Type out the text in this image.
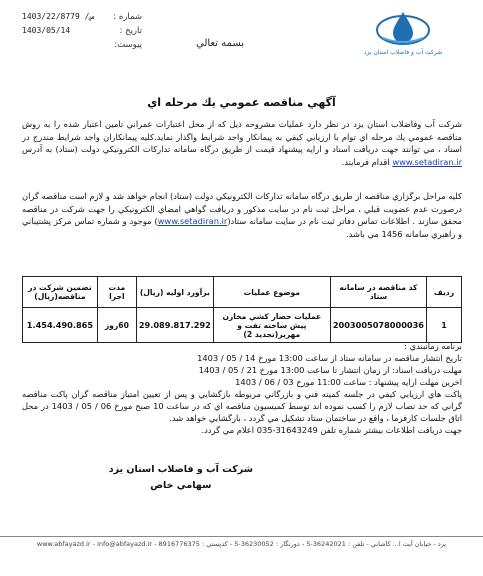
شماره :
1403/22/8779 /س
تاريخ :
1403/05/14
پيوست:	بسمه تعالي
شرکت آب و فاضلاب استان يزد
آگهي مناقصه عمومي يك مرحله اي
شركت آب وفاضلاب استان يزد در نظر دارد عمليات مشروحه ذيل كه از محل اعتبارات عمراني تامين اعتبار شده را به روش مناقصه عمومي يك مرحله اي توام با ارزيابي كيفي به پيمانكار واجد شرايط واگذار نمايد.كليه پيمانكاران واجد شرايط مندرج در اسناد ، مي توانند جهت دريافت اسناد و ارايه پيشنهاد قيمت از طريق درگاه سامانه تداركات الكترونيكي دولت (ستاد) به آدرس www.setadiran.ir اقدام فرمايند.
كليه مراحل برگزاري مناقصه از طريق درگاه سامانه تداركات الكترونيكي دولت (ستاد) انجام خواهد شد و لازم است مناقصه گران درصورت عدم عضويت قبلي ، مراحل ثبت نام در سايت مذكور و دريافت گواهي امضاي الكترونيكي را جهت شركت در مناقصه محقق سازند . اطلاعات تماس دفاتر ثبت نام در سايت سامانه ستاد(www.setadiran.ir) موجود و شماره تماس مركز پشتيباني و راهبري سامانه 1456 مي باشد.
رديف	كد مناقصه در سامانه ستاد	موضوع عمليات	برآورد اوليه (ريال)	مدت اجرا	تضمين شركت در مناقصه(ريال)
1	2003005078000036	عمليات حصار كشي مخازن پيش ساخته تفت و مهريز(تجديد 2)	29.089.817.292	60روز	1.454.490.865
برنامه زمانبندي :
تاريخ انتشار مناقصه در سامانه ستاد از ساعت 13:00 مورخ 14 / 05 / 1403
مهلت دريافت اسناد: از زمان انتشار تا ساعت 13:00 مورخ 21 / 05 / 1403
اخرين مهلت ارايه پيشنهاد : ساعت 11:00 مورخ 03 / 06 / 1403
پاكت هاي ارزيابي كيفي در جلسه كميته فني و بازرگاني مربوطه بازگشايي و پس از تعيين امتياز مناقصه گران پاكت مناقصه گراني كه حد نصاب لازم را كسب نموده اند توسط كميسيون مناقصه اي كه در ساعت 10 صبح مورخ 06 / 05 / 1403 در محل اتاق جلسات كارفرما ، واقع در ساختمان ستاد تشكيل مي گردد ، بازگشايي خواهد شد.
جهت دريافت اطلاعات بيشتر شماره تلفن 31643249-035 اعلام مي گردد.
شركت آب و فاضلاب استان يزد
سهامي خاص
يزد - خيابان آيت ا... كاشاني - تلفن : 36242021-5 - دورنگار : 36230052-5 - كدپستي : 8916776375 - www.abfayazd.ir - info@abfayazd.ir
